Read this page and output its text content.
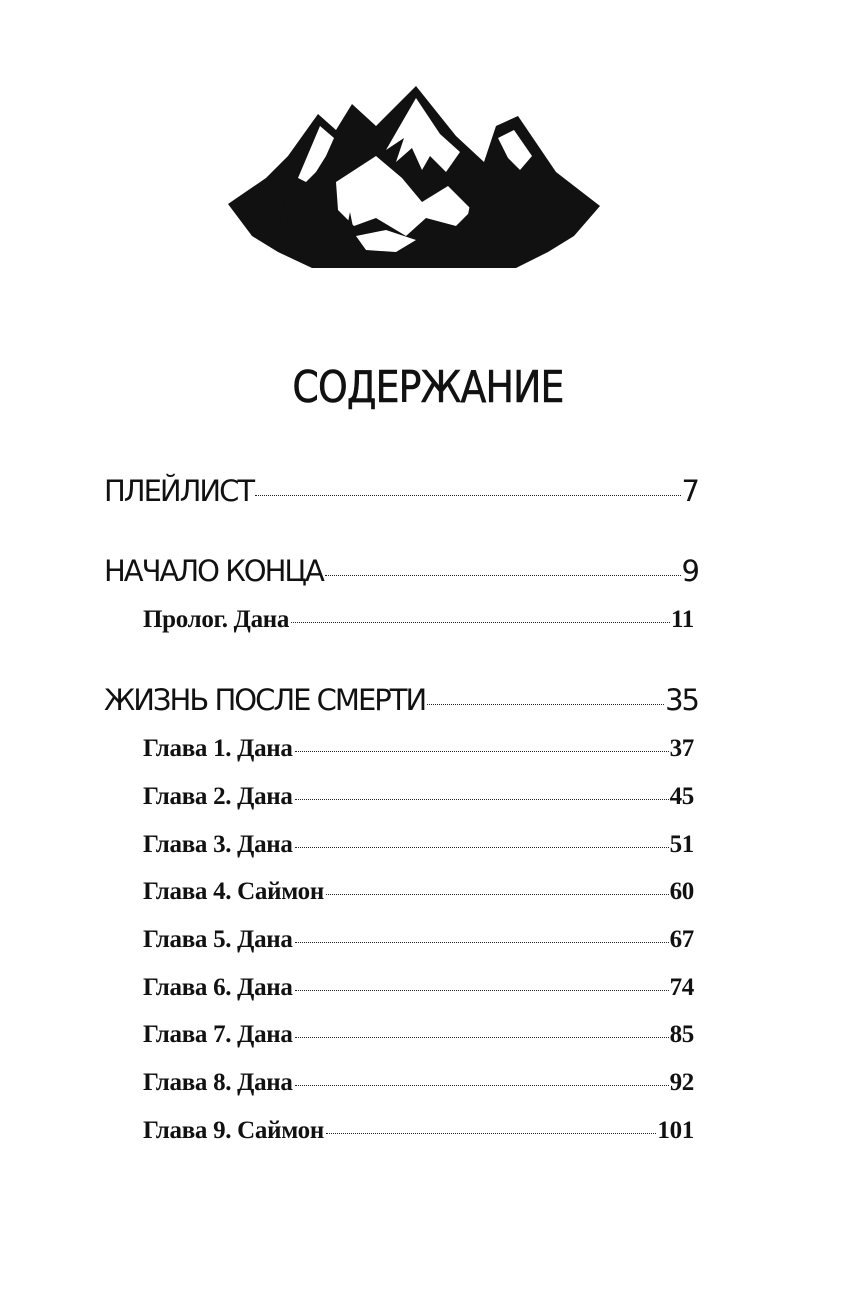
СОДЕРЖАНИЕ
ПЛЕЙЛИСТ	7
НАЧАЛО КОНЦА	9
Пролог. Дана	11
ЖИЗНЬ ПОСЛЕ СМЕРТИ	35
Глава 1. Дана	37
Глава 2. Дана	45
Глава 3. Дана	51
Глава 4. Саймон	60
Глава 5. Дана	67
Глава 6. Дана	74
Глава 7. Дана	85
Глава 8. Дана	92
Глава 9. Саймон	101
